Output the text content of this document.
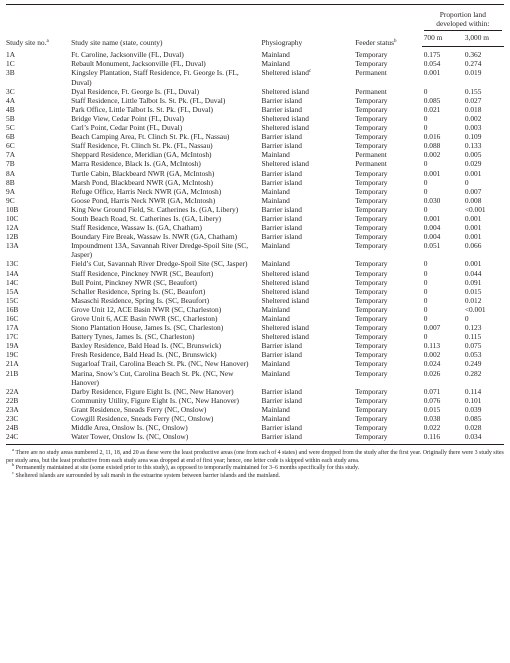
Study site no.$^a$	Study site name (state, county)	Physiography	Feeder status$^b$	Proportion land developed within:	

				700 m	3,000 m
1A	Ft. Caroline, Jacksonville (FL, Duval)	Mainland	Temporary	0.175	0.362
1C	Rebault Monument, Jacksonville (FL, Duval)	Mainland	Temporary	0.054	0.274
3B	Kingsley Plantation, Staff Residence, Ft. George Is. (FL, Duval)	Sheltered island$^c$	Permanent	0.001	0.019
3C	Dyal Residence, Ft. George Is. (FL, Duval)	Sheltered island	Permanent	0	0.155
4A	Staff Residence, Little Talbot Is. St. Pk. (FL, Duval)	Barrier island	Temporary	0.085	0.027
4B	Park Office, Little Talbot Is. St. Pk. (FL, Duval)	Barrier island	Temporary	0.021	0.018
5B	Bridge View, Cedar Point (FL, Duval)	Sheltered island	Temporary	0	0.002
5C	Carl’s Point, Cedar Point (FL, Duval)	Sheltered island	Temporary	0	0.003
6B	Beach Camping Area, Ft. Clinch St. Pk. (FL, Nassau)	Barrier island	Temporary	0.016	0.109
6C	Staff Residence, Ft. Clinch St. Pk. (FL, Nassau)	Barrier island	Temporary	0.088	0.133
7A	Sheppard Residence, Meridian (GA, McIntosh)	Mainland	Permanent	0.002	0.005
7B	Marra Residence, Black Is. (GA, McIntosh)	Sheltered island	Permanent	0	0.029
8A	Turtle Cabin, Blackbeard NWR (GA, McIntosh)	Barrier island	Temporary	0.001	0.001
8B	Marsh Pond, Blackbeard NWR (GA, McIntosh)	Barrier island	Temporary	0	0
9A	Refuge Office, Harris Neck NWR (GA, McIntosh)	Mainland	Temporary	0	0.007
9C	Goose Pond, Harris Neck NWR (GA, McIntosh)	Mainland	Temporary	0.030	0.008
10B	King New Ground Field, St. Catherines Is. (GA, Libery)	Barrier island	Temporary	0	<0.001
10C	South Beach Road, St. Catherines Is. (GA, Libery)	Barrier island	Temporary	0.001	0.001
12A	Staff Residence, Wassaw Is. (GA, Chatham)	Barrier island	Temporary	0.004	0.001
12B	Boundary Fire Break, Wassaw Is. NWR (GA, Chatham)	Barrier island	Temporary	0.004	0.001
13A	Impoundment 13A, Savannah River Dredge-Spoil Site (SC, Jasper)	Mainland	Temporary	0.051	0.066
13C	Field’s Cut, Savannah River Dredge-Spoil Site (SC, Jasper)	Mainland	Temporary	0	0.001
14A	Staff Residence, Pinckney NWR (SC, Beaufort)	Sheltered island	Temporary	0	0.044
14C	Bull Point, Pinckney NWR (SC, Beaufort)	Sheltered island	Temporary	0	0.091
15A	Schaller Residence, Spring Is. (SC, Beaufort)	Sheltered island	Temporary	0	0.015
15C	Masaschi Residence, Spring Is. (SC, Beaufort)	Sheltered island	Temporary	0	0.012
16B	Grove Unit 12, ACE Basin NWR (SC, Charleston)	Mainland	Temporary	0	<0.001
16C	Grove Unit 6, ACE Basin NWR (SC, Charleston)	Mainland	Temporary	0	0
17A	Stono Plantation House, James Is. (SC, Charleston)	Sheltered island	Temporary	0.007	0.123
17C	Battery Tynes, James Is. (SC, Charleston)	Sheltered island	Temporary	0	0.115
19A	Baxley Residence, Bald Head Is. (NC, Brunswick)	Barrier island	Temporary	0.113	0.075
19C	Fresh Residence, Bald Head Is. (NC, Brunswick)	Barrier island	Temporary	0.002	0.053
21A	Sugarloaf Trail, Carolina Beach St. Pk. (NC, New Hanover)	Mainland	Temporary	0.024	0.249
21B	Marina, Snow’s Cut, Carolina Beach St. Pk. (NC, New Hanover)	Mainland	Temporary	0.026	0.282
22A	Darby Residence, Figure Eight Is. (NC, New Hanover)	Barrier island	Temporary	0.071	0.114
22B	Community Utility, Figure Eight Is. (NC, New Hanover)	Barrier island	Temporary	0.076	0.101
23A	Grant Residence, Sneads Ferry (NC, Onslow)	Mainland	Temporary	0.015	0.039
23C	Cowgill Residence, Sneads Ferry (NC, Onslow)	Mainland	Temporary	0.038	0.085
24B	Middle Area, Onslow Is. (NC, Onslow)	Barrier island	Temporary	0.022	0.028
24C	Water Tower, Onslow Is. (NC, Onslow)	Barrier island	Temporary	0.116	0.034

$^a$ There are no study areas numbered 2, 11, 18, and 20 as these were the least productive areas (one from each of 4 states) and were dropped from the study after the first year. Originally there were 3 study sites per study area, but the least productive from each study area was dropped at end of first year; hence, one letter code is skipped within each study area.

$^b$ Permanently maintained at site (some existed prior to this study), as opposed to temporarily maintained for 3–6 months specifically for this study.

$^c$ Sheltered islands are surrounded by salt marsh in the estuarine system between barrier islands and the mainland.
